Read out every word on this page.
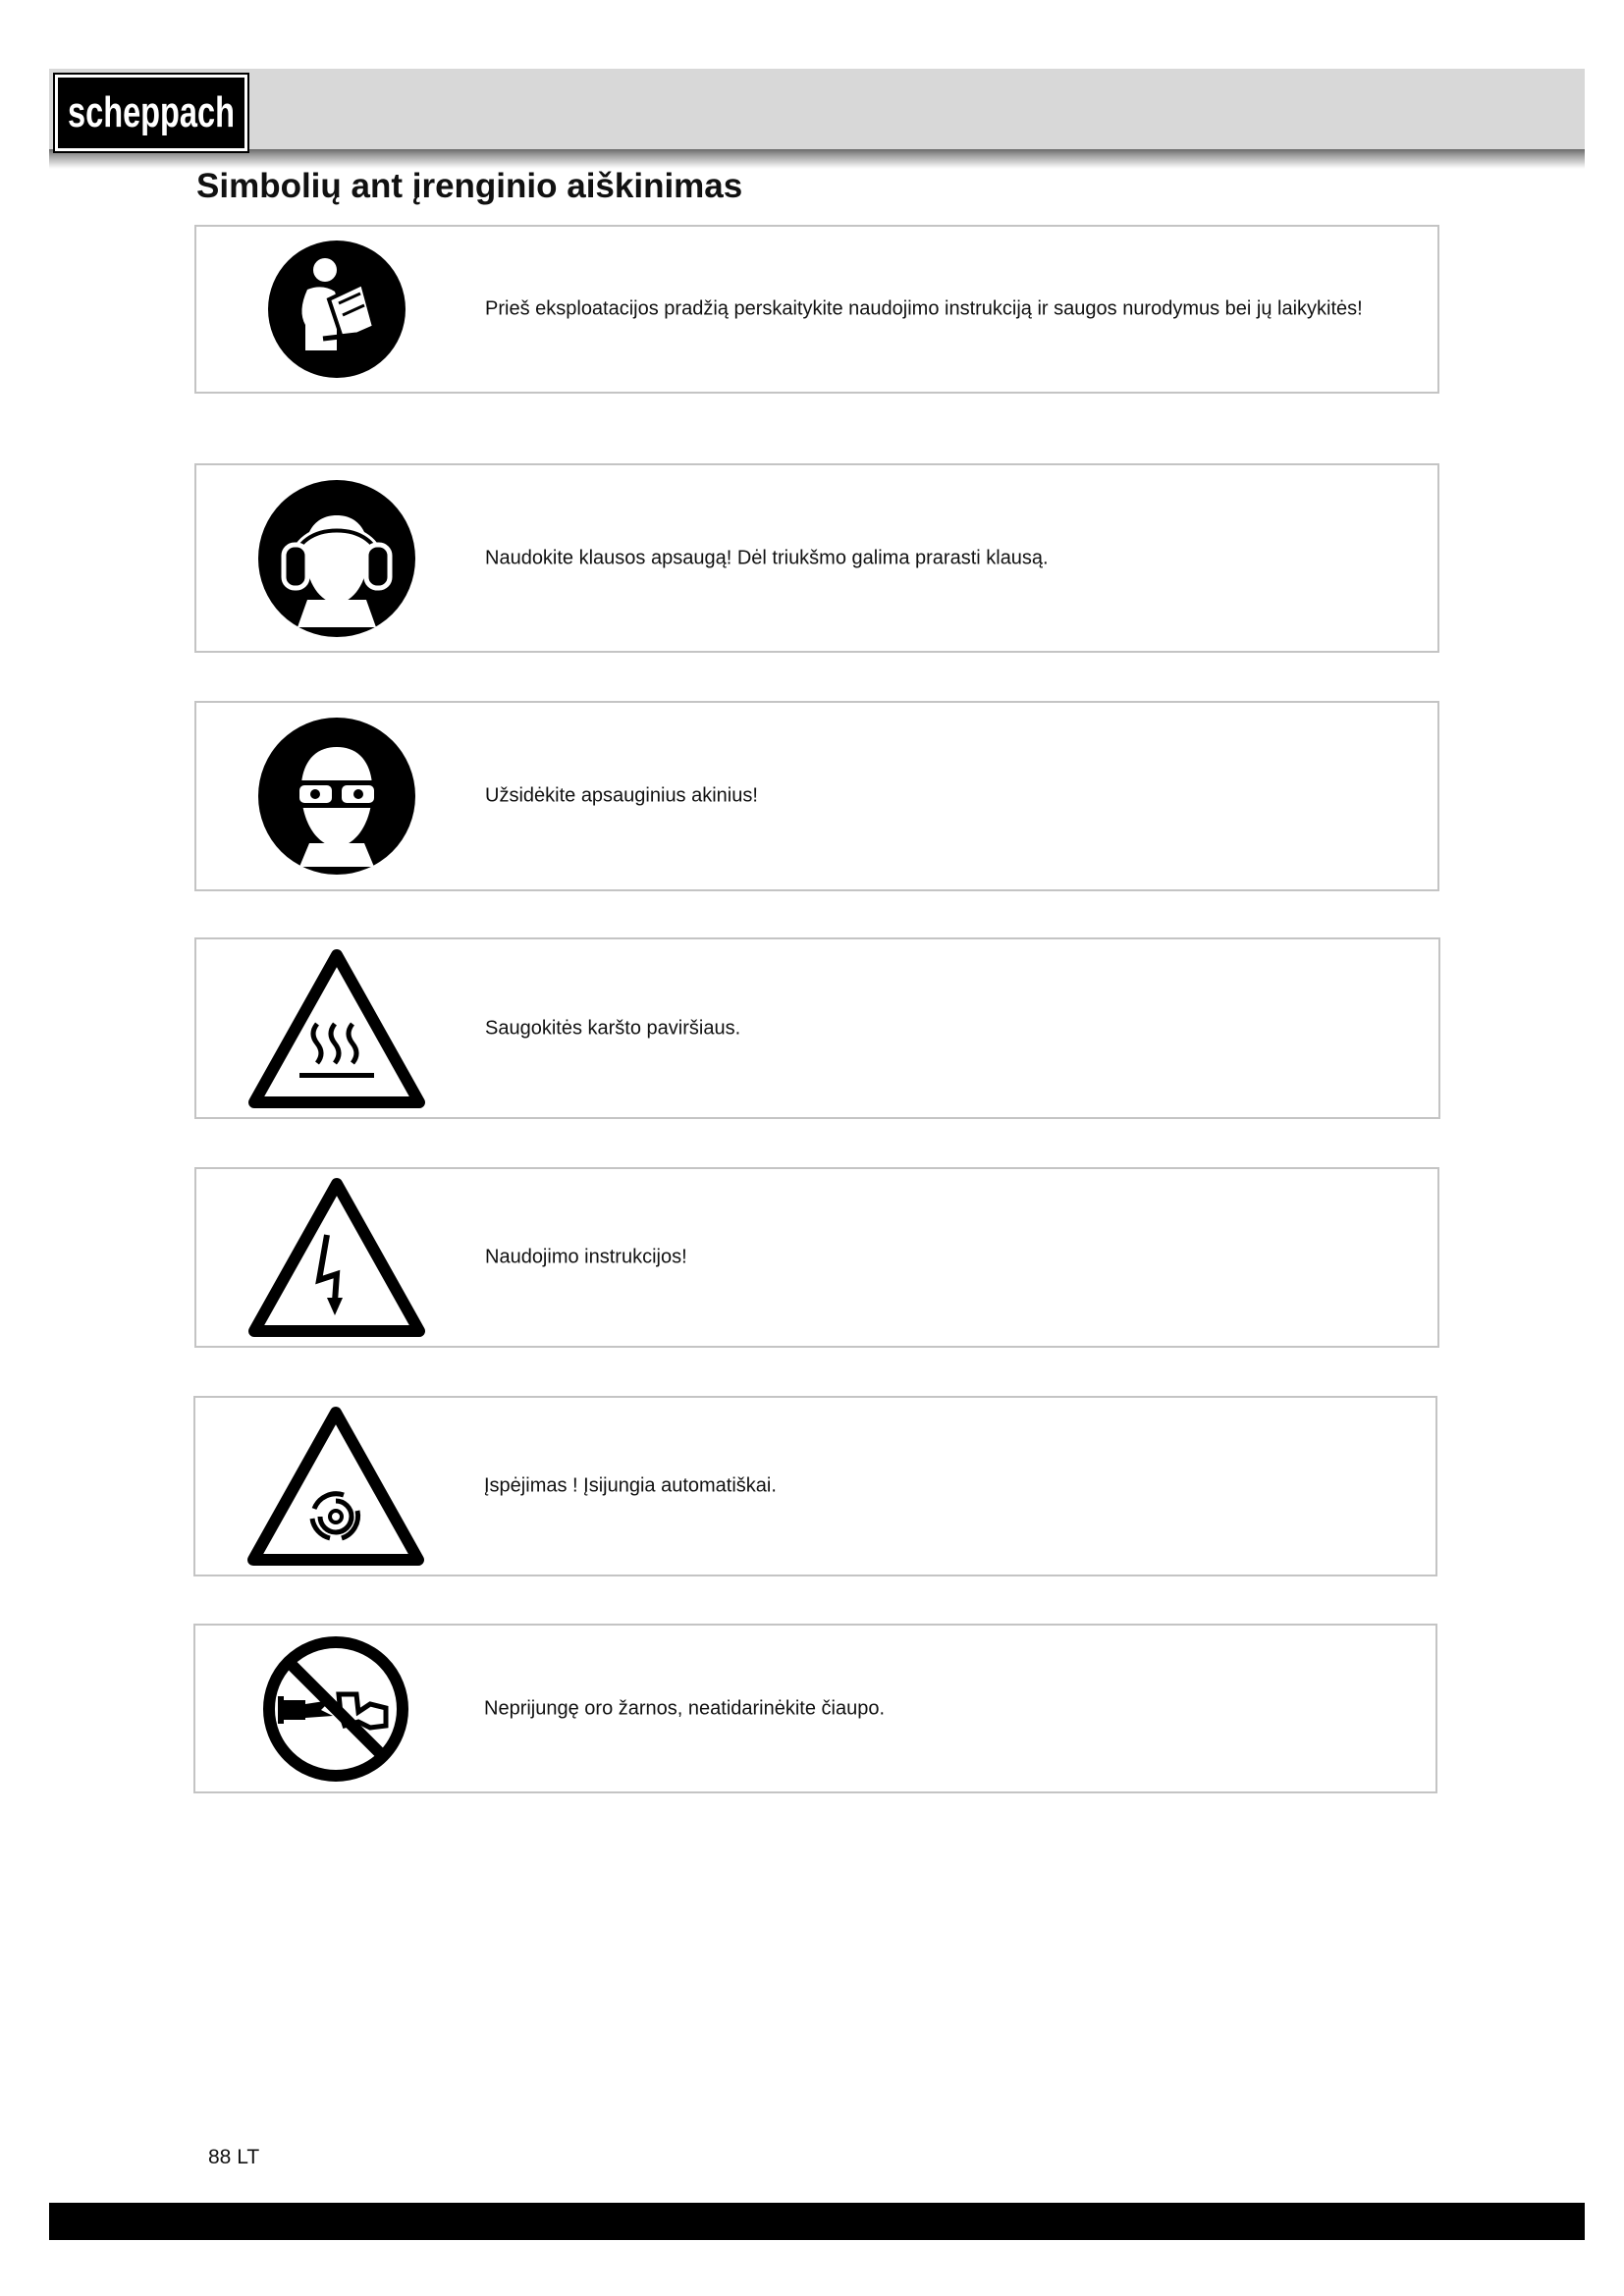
scheppach
Simbolių ant įrenginio aiškinimas
Prieš eksploatacijos pradžią perskaitykite naudojimo instrukciją ir saugos nurodymus bei jų laikykitės!
Naudokite klausos apsaugą! Dėl triukšmo galima prarasti klausą.
Užsidėkite apsauginius akinius!
Saugokitės karšto paviršiaus.
Naudojimo instrukcijos!
Įspėjimas ! Įsijungia automatiškai.
Neprijungę oro žarnos, neatidarinėkite čiaupo.
88 LT
